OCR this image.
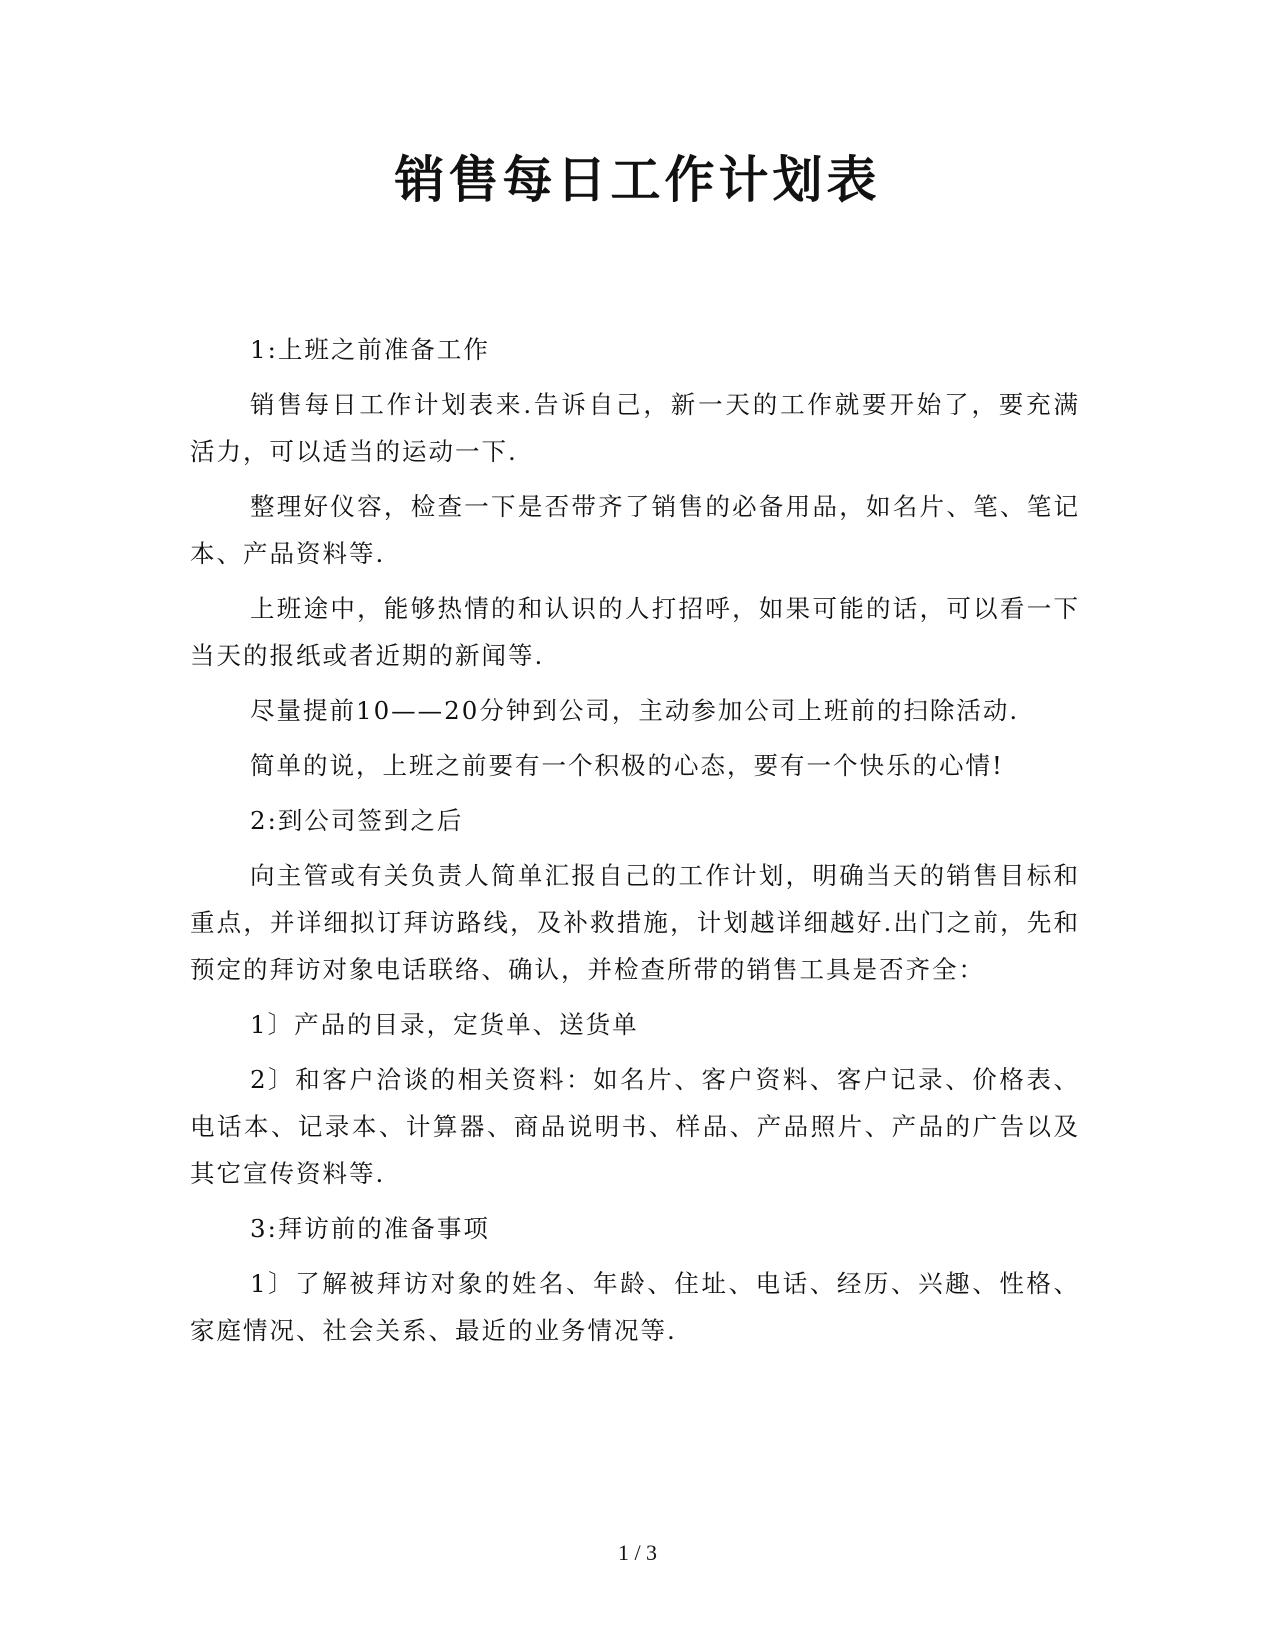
销售每日工作计划表

1:上班之前准备工作

销售每日工作计划表来.告诉自己，新一天的工作就要开始了，要充满活力，可以适当的运动一下.

整理好仪容，检查一下是否带齐了销售的必备用品，如名片、笔、笔记本、产品资料等.

上班途中，能够热情的和认识的人打招呼，如果可能的话，可以看一下当天的报纸或者近期的新闻等.

尽量提前10——20分钟到公司，主动参加公司上班前的扫除活动.

简单的说，上班之前要有一个积极的心态，要有一个快乐的心情!

2:到公司签到之后

向主管或有关负责人简单汇报自己的工作计划，明确当天的销售目标和重点，并详细拟订拜访路线，及补救措施，计划越详细越好.出门之前，先和预定的拜访对象电话联络、确认，并检查所带的销售工具是否齐全：

1〕产品的目录，定货单、送货单

2〕和客户洽谈的相关资料：如名片、客户资料、客户记录、价格表、电话本、记录本、计算器、商品说明书、样品、产品照片、产品的广告以及其它宣传资料等.

3:拜访前的准备事项

1〕了解被拜访对象的姓名、年龄、住址、电话、经历、兴趣、性格、家庭情况、社会关系、最近的业务情况等.

1 / 3
